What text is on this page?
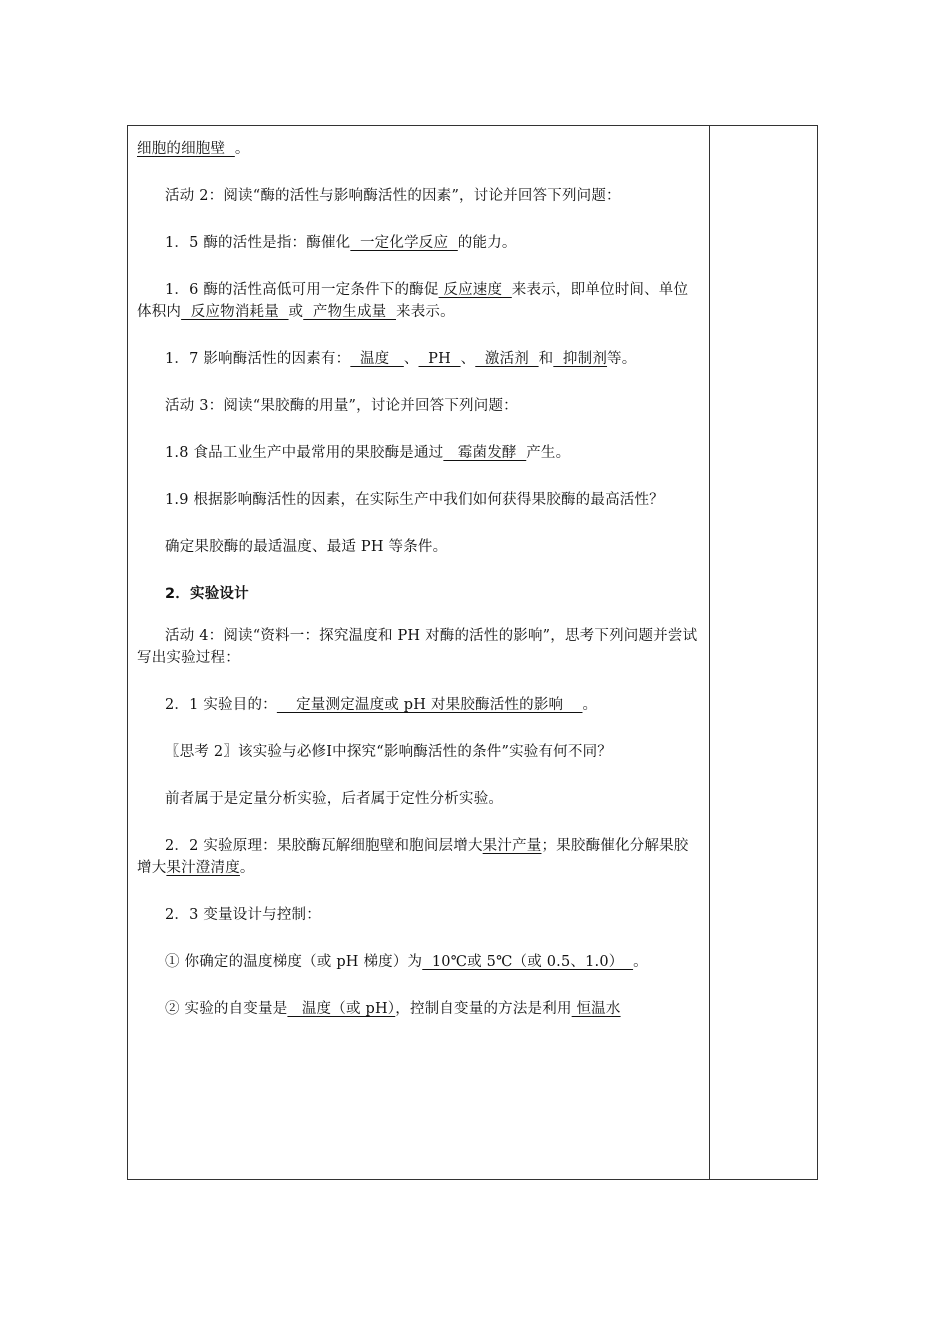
细胞的细胞壁  。

活动 2：阅读“酶的活性与影响酶活性的因素”，讨论并回答下列问题：

1．5 酶的活性是指：酶催化  一定化学反应  的能力。

1．6 酶的活性高低可用一定条件下的酶促 反应速度  来表示，即单位时间、单位体积内  反应物消耗量  或  产物生成量  来表示。

1．7 影响酶活性的因素有：  温度   、  PH  、  激活剂  和  抑制剂等。

活动 3：阅读“果胶酶的用量”，讨论并回答下列问题：

1.8 食品工业生产中最常用的果胶酶是通过   霉菌发酵  产生。

1.9 根据影响酶活性的因素，在实际生产中我们如何获得果胶酶的最高活性？

确定果胶酶的最适温度、最适 PH 等条件。

2．实验设计

活动 4：阅读“资料一：探究温度和 PH 对酶的活性的影响”，思考下列问题并尝试写出实验过程：

2．1 实验目的：    定量测定温度或 pH 对果胶酶活性的影响    。

〖思考 2〗该实验与必修Ⅰ中探究“影响酶活性的条件”实验有何不同？

前者属于是定量分析实验，后者属于定性分析实验。

2．2 实验原理：果胶酶瓦解细胞壁和胞间层增大果汁产量；果胶酶催化分解果胶增大果汁澄清度。

2．3 变量设计与控制：

① 你确定的温度梯度（或 pH 梯度）为  10℃或 5℃（或 0.5、1.0）  。

② 实验的自变量是   温度（或 pH），控制自变量的方法是利用 恒温水
